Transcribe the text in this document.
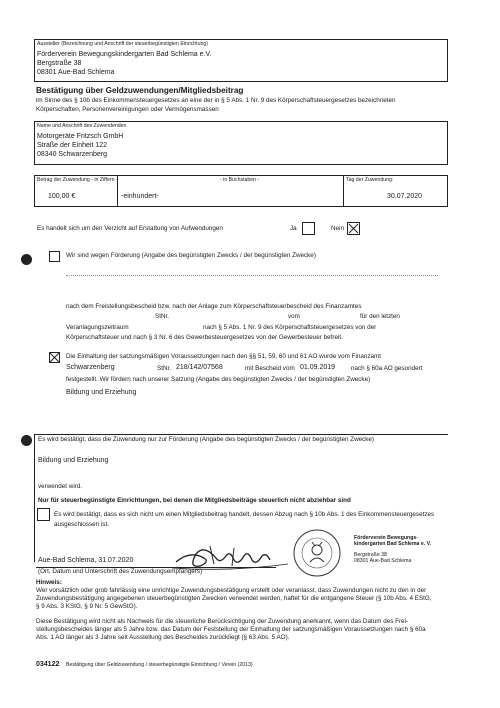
Aussteller (Bezeichnung und Anschrift der steuerbegünstigten Einrichtung)
Förderverein Bewegungskindergarten Bad Schlema e.V.
Bergstraße 38
08301 Aue-Bad Schlema
Bestätigung über Geldzuwendungen/Mitgliedsbeitrag
im Sinne des § 10b des Einkommensteuergesetzes an eine der in § 5 Abs. 1 Nr. 9 des Körperschaftsteuergesetzes bezeichneten
Körperschaften, Personenvereinigungen oder Vermögensmassen
Name und Anschrift des Zuwendenden
Motorgeräte Fritzsch GmbH
Straße der Einheit 122
08340 Schwarzenberg
Betrag der Zuwendung - in Ziffern -
100,00 €
- in Buchstaben -
-einhundert-
Tag der Zuwendung:
30.07.2020
Es handelt sich um den Verzicht auf Erstattung von Aufwendungen	Ja	Nein
Wir sind wegen Förderung (Angabe des begünstigten Zwecks / der begünstigten Zwecke)
nach dem Freistellungsbescheid bzw. nach der Anlage zum Körperschaftsteuerbescheid des Finanzamtes
StNr.	vom	für den letzten
Veranlagungszeitraum	nach § 5 Abs. 1 Nr. 9 des Körperschaftsteuergesetzes von der
Körperschaftsteuer und nach § 3 Nr. 6 des Gewerbesteuergesetzes von der Gewerbesteuer befreit.
Die Einhaltung der satzungsmäßigen Voraussetzungen nach den §§ 51, 59, 60 und 61 AO wurde vom Finanzamt
Schwarzenberg	StNr. 218/142/07568	mit Bescheid vom 01.09.2019	nach § 60a AO gesondert
festgestellt. Wir fördern nach unserer Satzung (Angabe des begünstigten Zwecks / der begünstigten Zwecke)
Bildung und Erziehung
Es wird bestätigt, dass die Zuwendung nur zur Förderung (Angabe des begünstigten Zwecks / der begünstigten Zwecke)
Bildung und Erziehung
verwendet wird.
Nur für steuerbegünstigte Einrichtungen, bei denen die Mitgliedsbeiträge steuerlich nicht abziehbar sind
Es wird bestätigt, dass es sich nicht um einen Mitgliedsbeitrag handelt, dessen Abzug nach § 10b Abs. 1 des Einkommensteuergesetzes
ausgeschlossen ist.
Förderverein Bewegungs-
kindergarten Bad Schlema e. V.
Bergstraße 38
08301 Aue-Bad Schlema
Aue-Bad Schlema, 31.07.2020
(Ort, Datum und Unterschrift des Zuwendungsempfängers)
Hinweis:
Wer vorsätzlich oder grob fahrlässig eine unrichtige Zuwendungsbestätigung erstellt oder veranlasst, dass Zuwendungen nicht zu den in der
Zuwendungsbestätigung angegebenen steuerbegünstigten Zwecken verwendet werden, haftet für die entgangene Steuer (§ 10b Abs. 4 EStG,
§ 9 Abs. 3 KStG, § 9 Nr. 5 GewStG).
Diese Bestätigung wird nicht als Nachweis für die steuerliche Berücksichtigung der Zuwendung anerkannt, wenn das Datum des Frei-
stellungsbescheides länger als 5 Jahre bzw. das Datum der Feststellung der Einhaltung der satzungsmäßigen Voraussetzungen nach § 60a
Abs. 1 AO länger als 3 Jahre seit Ausstellung des Bescheides zurückliegt (§ 63 Abs. 5 AO).
034122 Bestätigung über Geldzuwendung / steuerbegünstigte Einrichtung / Verein (2013)
